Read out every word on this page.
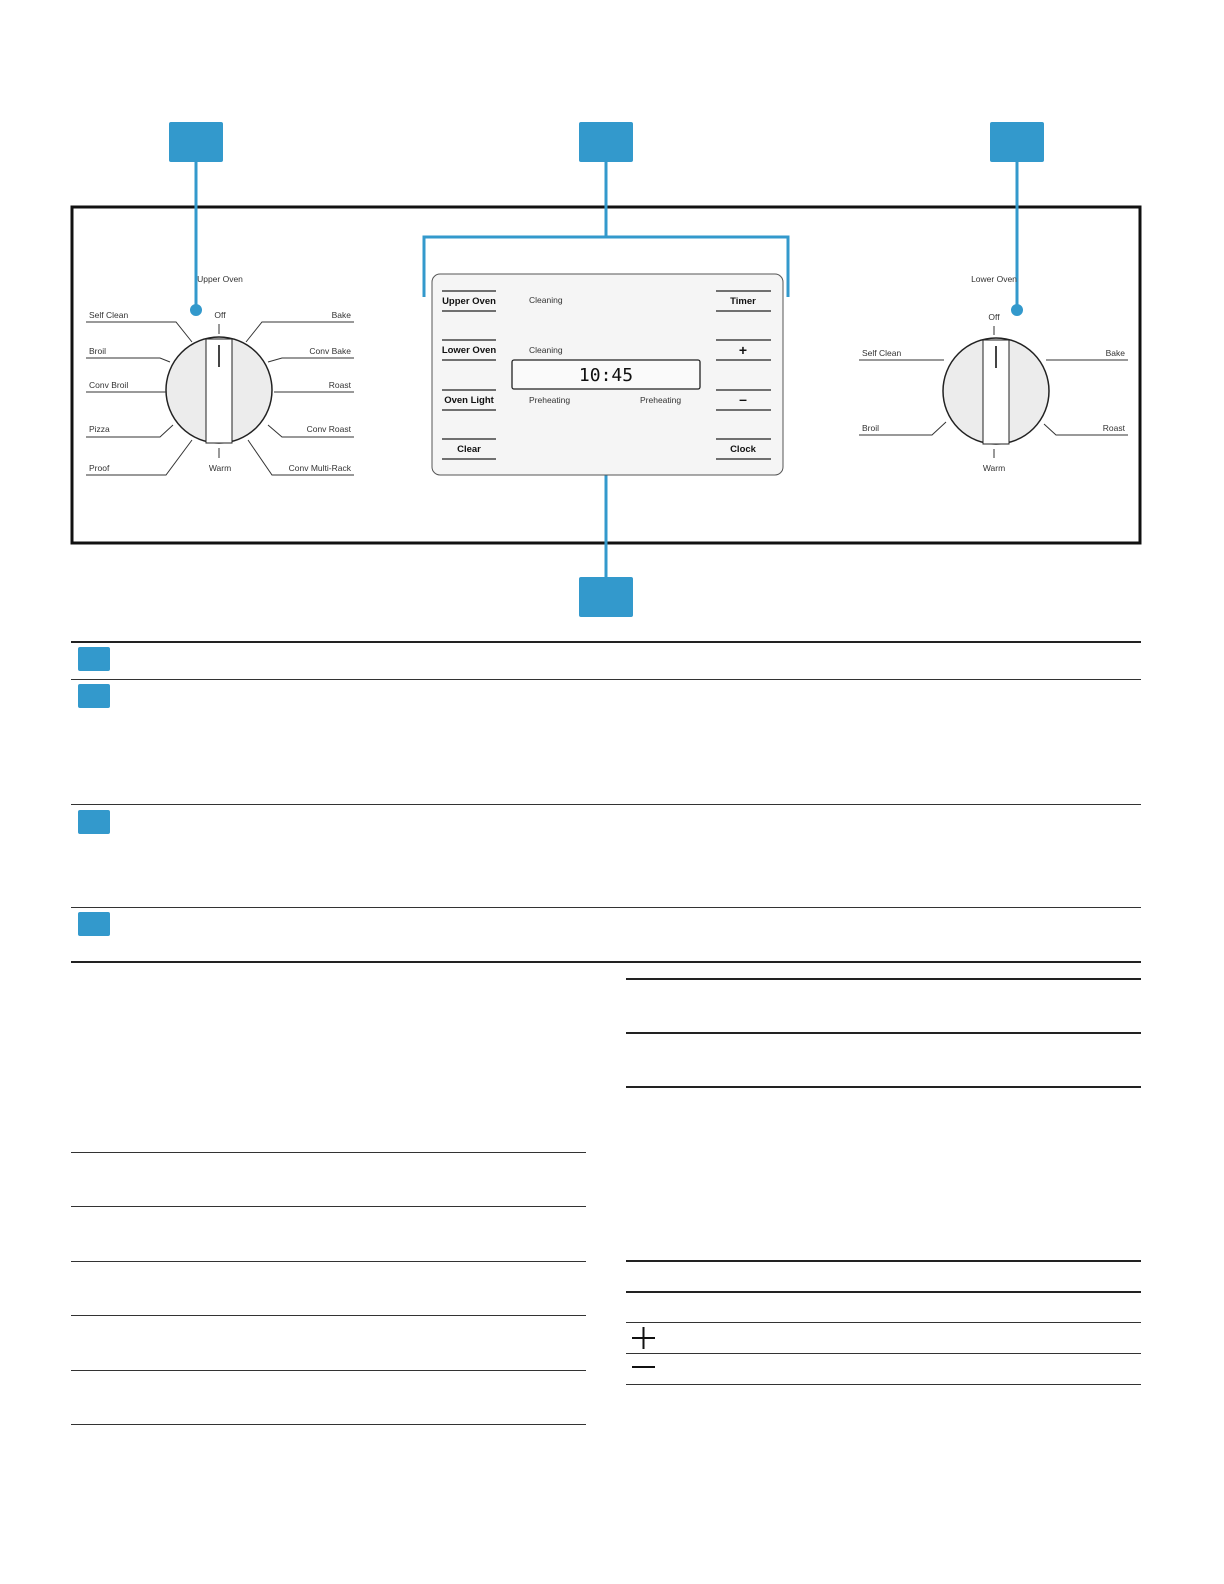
Upper Oven
Off
Warm
Self Clean
Broil
Conv Broil
Pizza
Proof
Bake
Conv Bake
Roast
Conv Roast
Conv Multi-Rack
Upper Oven
Lower Oven
Oven Light
Clear
Timer
+
–
Clock
Cleaning
Cleaning
Preheating	Preheating
10:45
Lower Oven
Off
Warm
Self Clean
Broil
Bake
Roast
